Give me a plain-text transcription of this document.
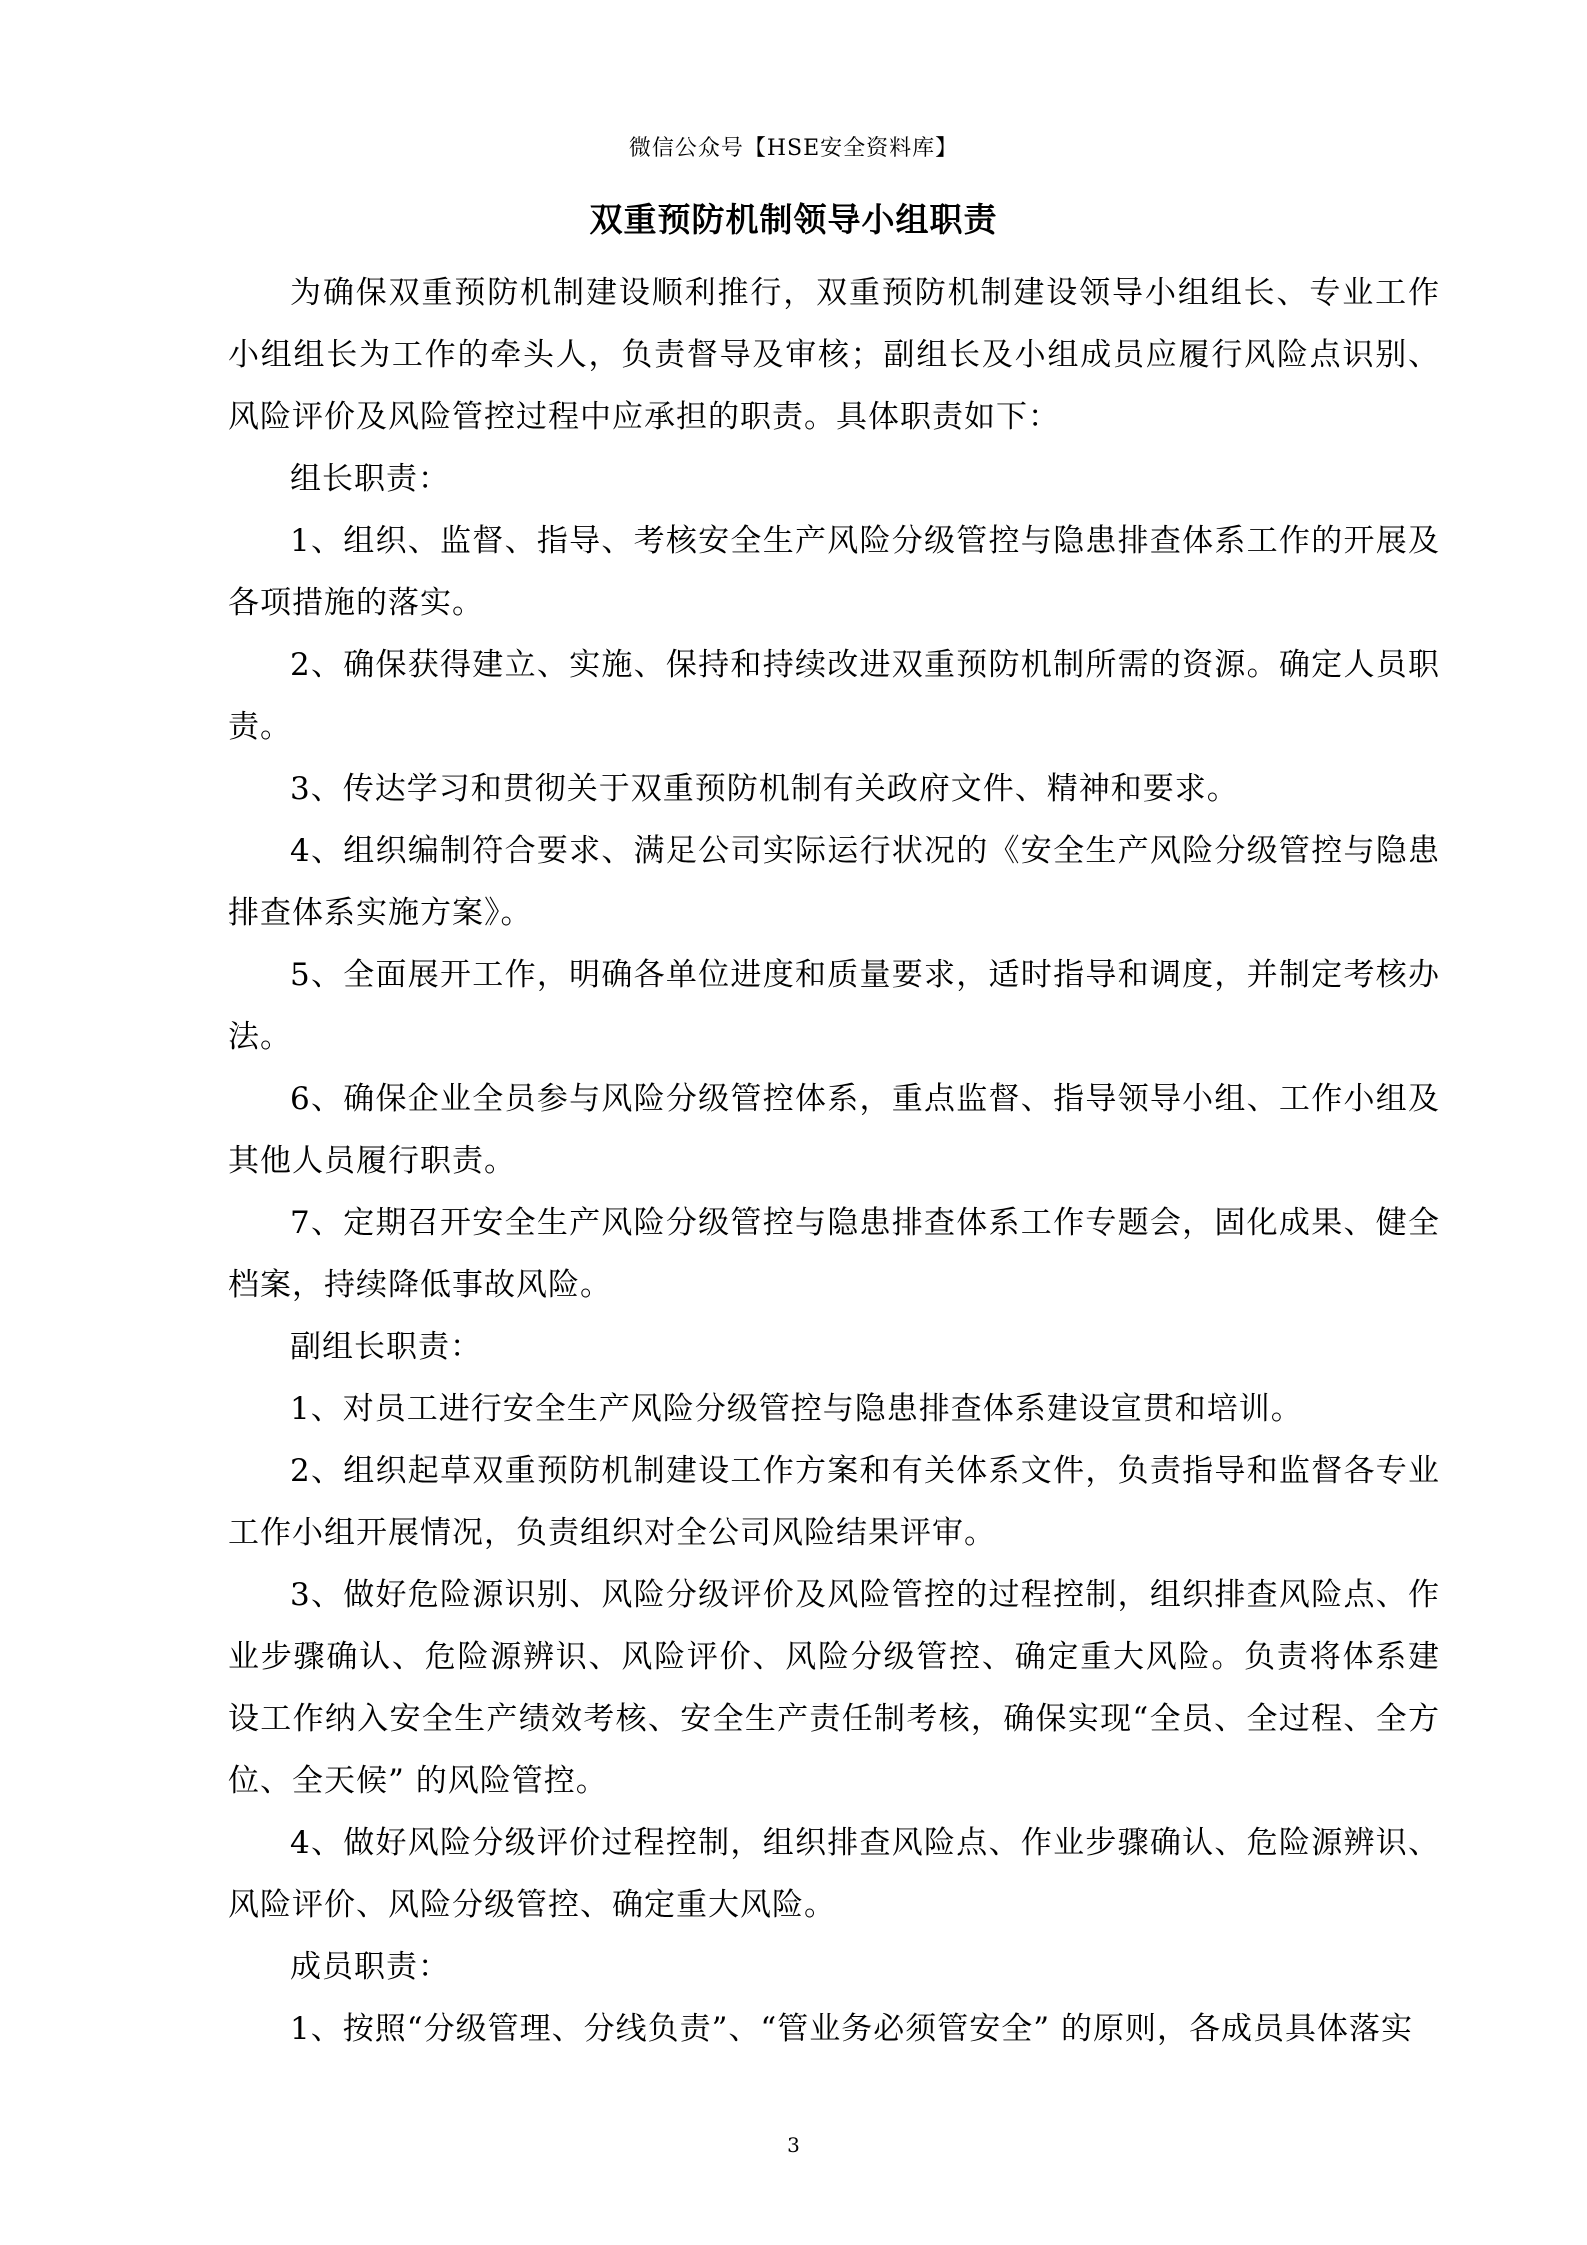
微信公众号【HSE安全资料库】
双重预防机制领导小组职责

为确保双重预防机制建设顺利推行，双重预防机制建设领导小组组长、专业工作小组组长为工作的牵头人，负责督导及审核；副组长及小组成员应履行风险点识别、风险评价及风险管控过程中应承担的职责。具体职责如下：

组长职责：

1、组织、监督、指导、考核安全生产风险分级管控与隐患排查体系工作的开展及各项措施的落实。

2、确保获得建立、实施、保持和持续改进双重预防机制所需的资源。确定人员职责。

3、传达学习和贯彻关于双重预防机制有关政府文件、精神和要求。

4、组织编制符合要求、满足公司实际运行状况的《安全生产风险分级管控与隐患排查体系实施方案》。

5、全面展开工作，明确各单位进度和质量要求，适时指导和调度，并制定考核办法。

6、确保企业全员参与风险分级管控体系，重点监督、指导领导小组、工作小组及其他人员履行职责。

7、定期召开安全生产风险分级管控与隐患排查体系工作专题会，固化成果、健全档案，持续降低事故风险。

副组长职责：

1、对员工进行安全生产风险分级管控与隐患排查体系建设宣贯和培训。

2、组织起草双重预防机制建设工作方案和有关体系文件，负责指导和监督各专业工作小组开展情况，负责组织对全公司风险结果评审。

3、做好危险源识别、风险分级评价及风险管控的过程控制，组织排查风险点、作业步骤确认、危险源辨识、风险评价、风险分级管控、确定重大风险。负责将体系建设工作纳入安全生产绩效考核、安全生产责任制考核，确保实现“全员、全过程、全方位、全天候” 的风险管控。

4、做好风险分级评价过程控制，组织排查风险点、作业步骤确认、危险源辨识、风险评价、风险分级管控、确定重大风险。

成员职责：

1、按照“分级管理、分线负责”、“管业务必须管安全” 的原则，各成员具体落实

3
